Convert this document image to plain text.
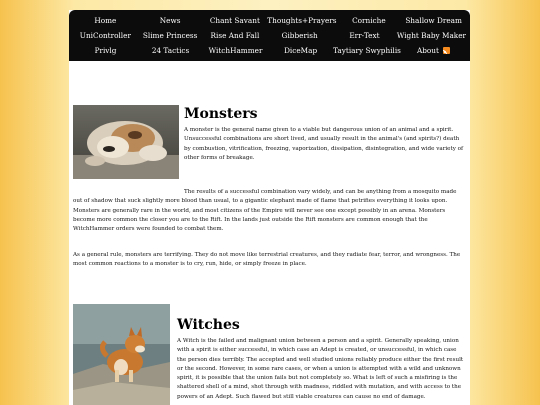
Home	News	Chant Savant	Thoughts+Prayers	Corniche	Shallow Dream
UniController	Slime Princess	Rise And Fall	Gibberish	Err-Text	Wight Baby Maker
Privlg	24 Tactics	WitchHammer	DiceMap	Taytiary Swyphilis	About
Monsters
A monster is the general name given to a viable but dangerous union of an animal and a spirit. Unsuccessful combinations are short lived, and usually result in the animal's (and spirits?) death by combustion, vitrification, freezing, vaporization, dissipation, disintegration, and wide variety of other forms of breakage.
The results of a successful combination vary widely, and can be anything from a mosquito made out of shadow that suck slightly more blood than usual, to a gigantic elephant made of flame that petrifies everything it looks upon. Monsters are generally rare in the world, and most citizens of the Empire will never see one except possibly in an arena. Monsters become more common the closer you are to the Rift. In the lands just outside the Rift monsters are common enough that the WitchHammer orders were founded to combat them.
As a general rule, monsters are terrifying. They do not move like terrestrial creatures, and they radiate fear, terror, and wrongness. The most common reactions to a monster is to cry, run, hide, or simply freeze in place.
Witches
A Witch is the failed and malignant union between a person and a spirit. Generally speaking, union with a spirit is either successful, in which case an Adept is created, or unsuccessful, in which case the person dies terribly. The accepted and well studied unions reliably produce either the first result or the second. However, in some rare cases, or when a union is attempted with a wild and unknown spirit, it is possible that the union fails but not completely so. What is left of such a misfiring is the shattered shell of a mind, shot through with madness, riddled with mutation, and with access to the powers of an Adept. Such flawed but still viable creatures can cause no end of damage.
